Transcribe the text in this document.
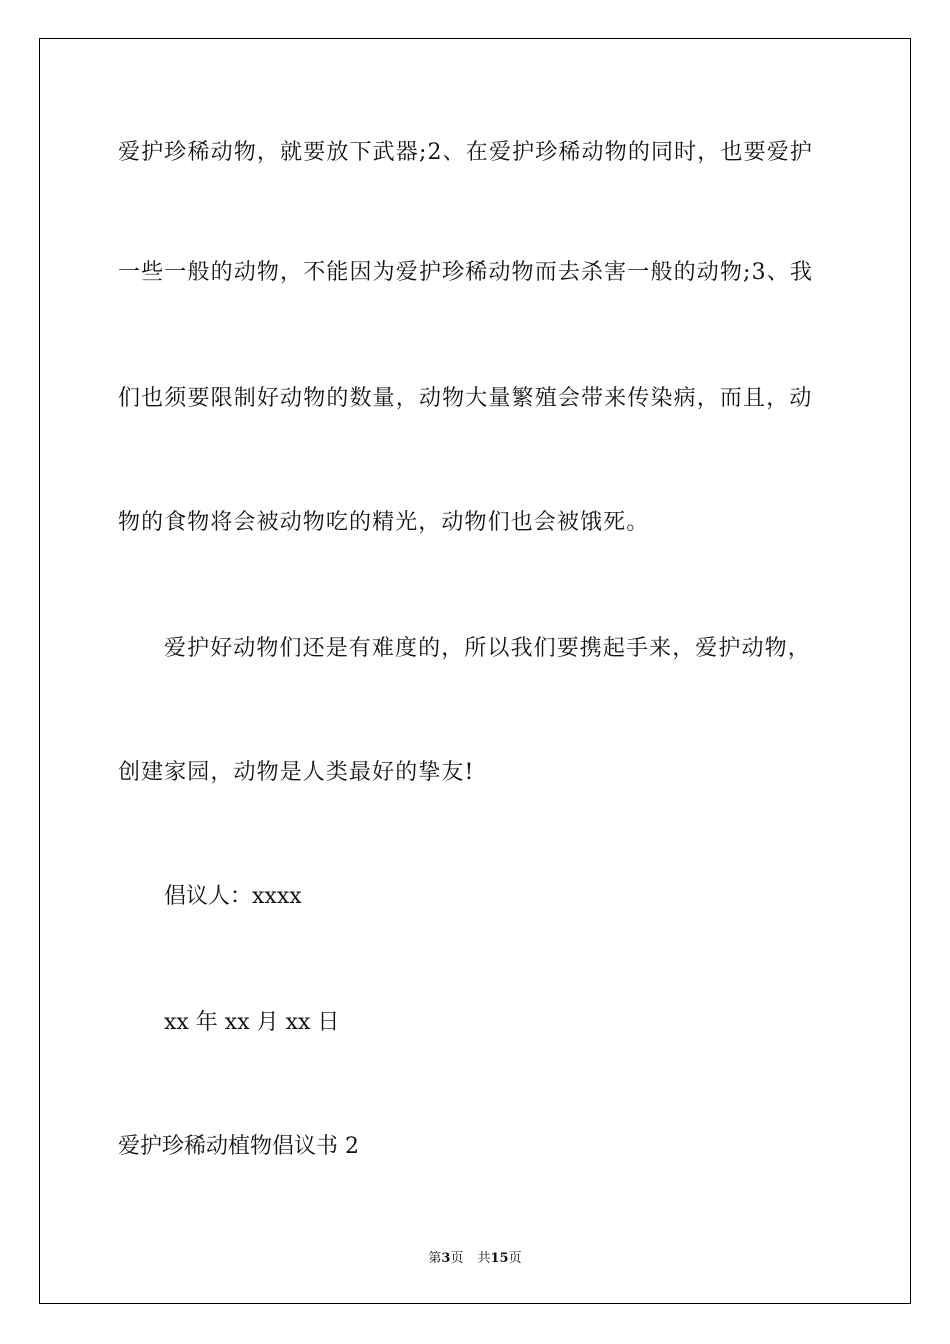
爱护珍稀动物，就要放下武器;2、在爱护珍稀动物的同时，也要爱护
一些一般的动物，不能因为爱护珍稀动物而去杀害一般的动物;3、我
们也须要限制好动物的数量，动物大量繁殖会带来传染病，而且，动
物的食物将会被动物吃的精光，动物们也会被饿死。
爱护好动物们还是有难度的，所以我们要携起手来，爱护动物，
创建家园，动物是人类最好的挚友!
倡议人：xxxx
xx 年 xx 月 xx 日
爱护珍稀动植物倡议书 2
第3页 共15页
